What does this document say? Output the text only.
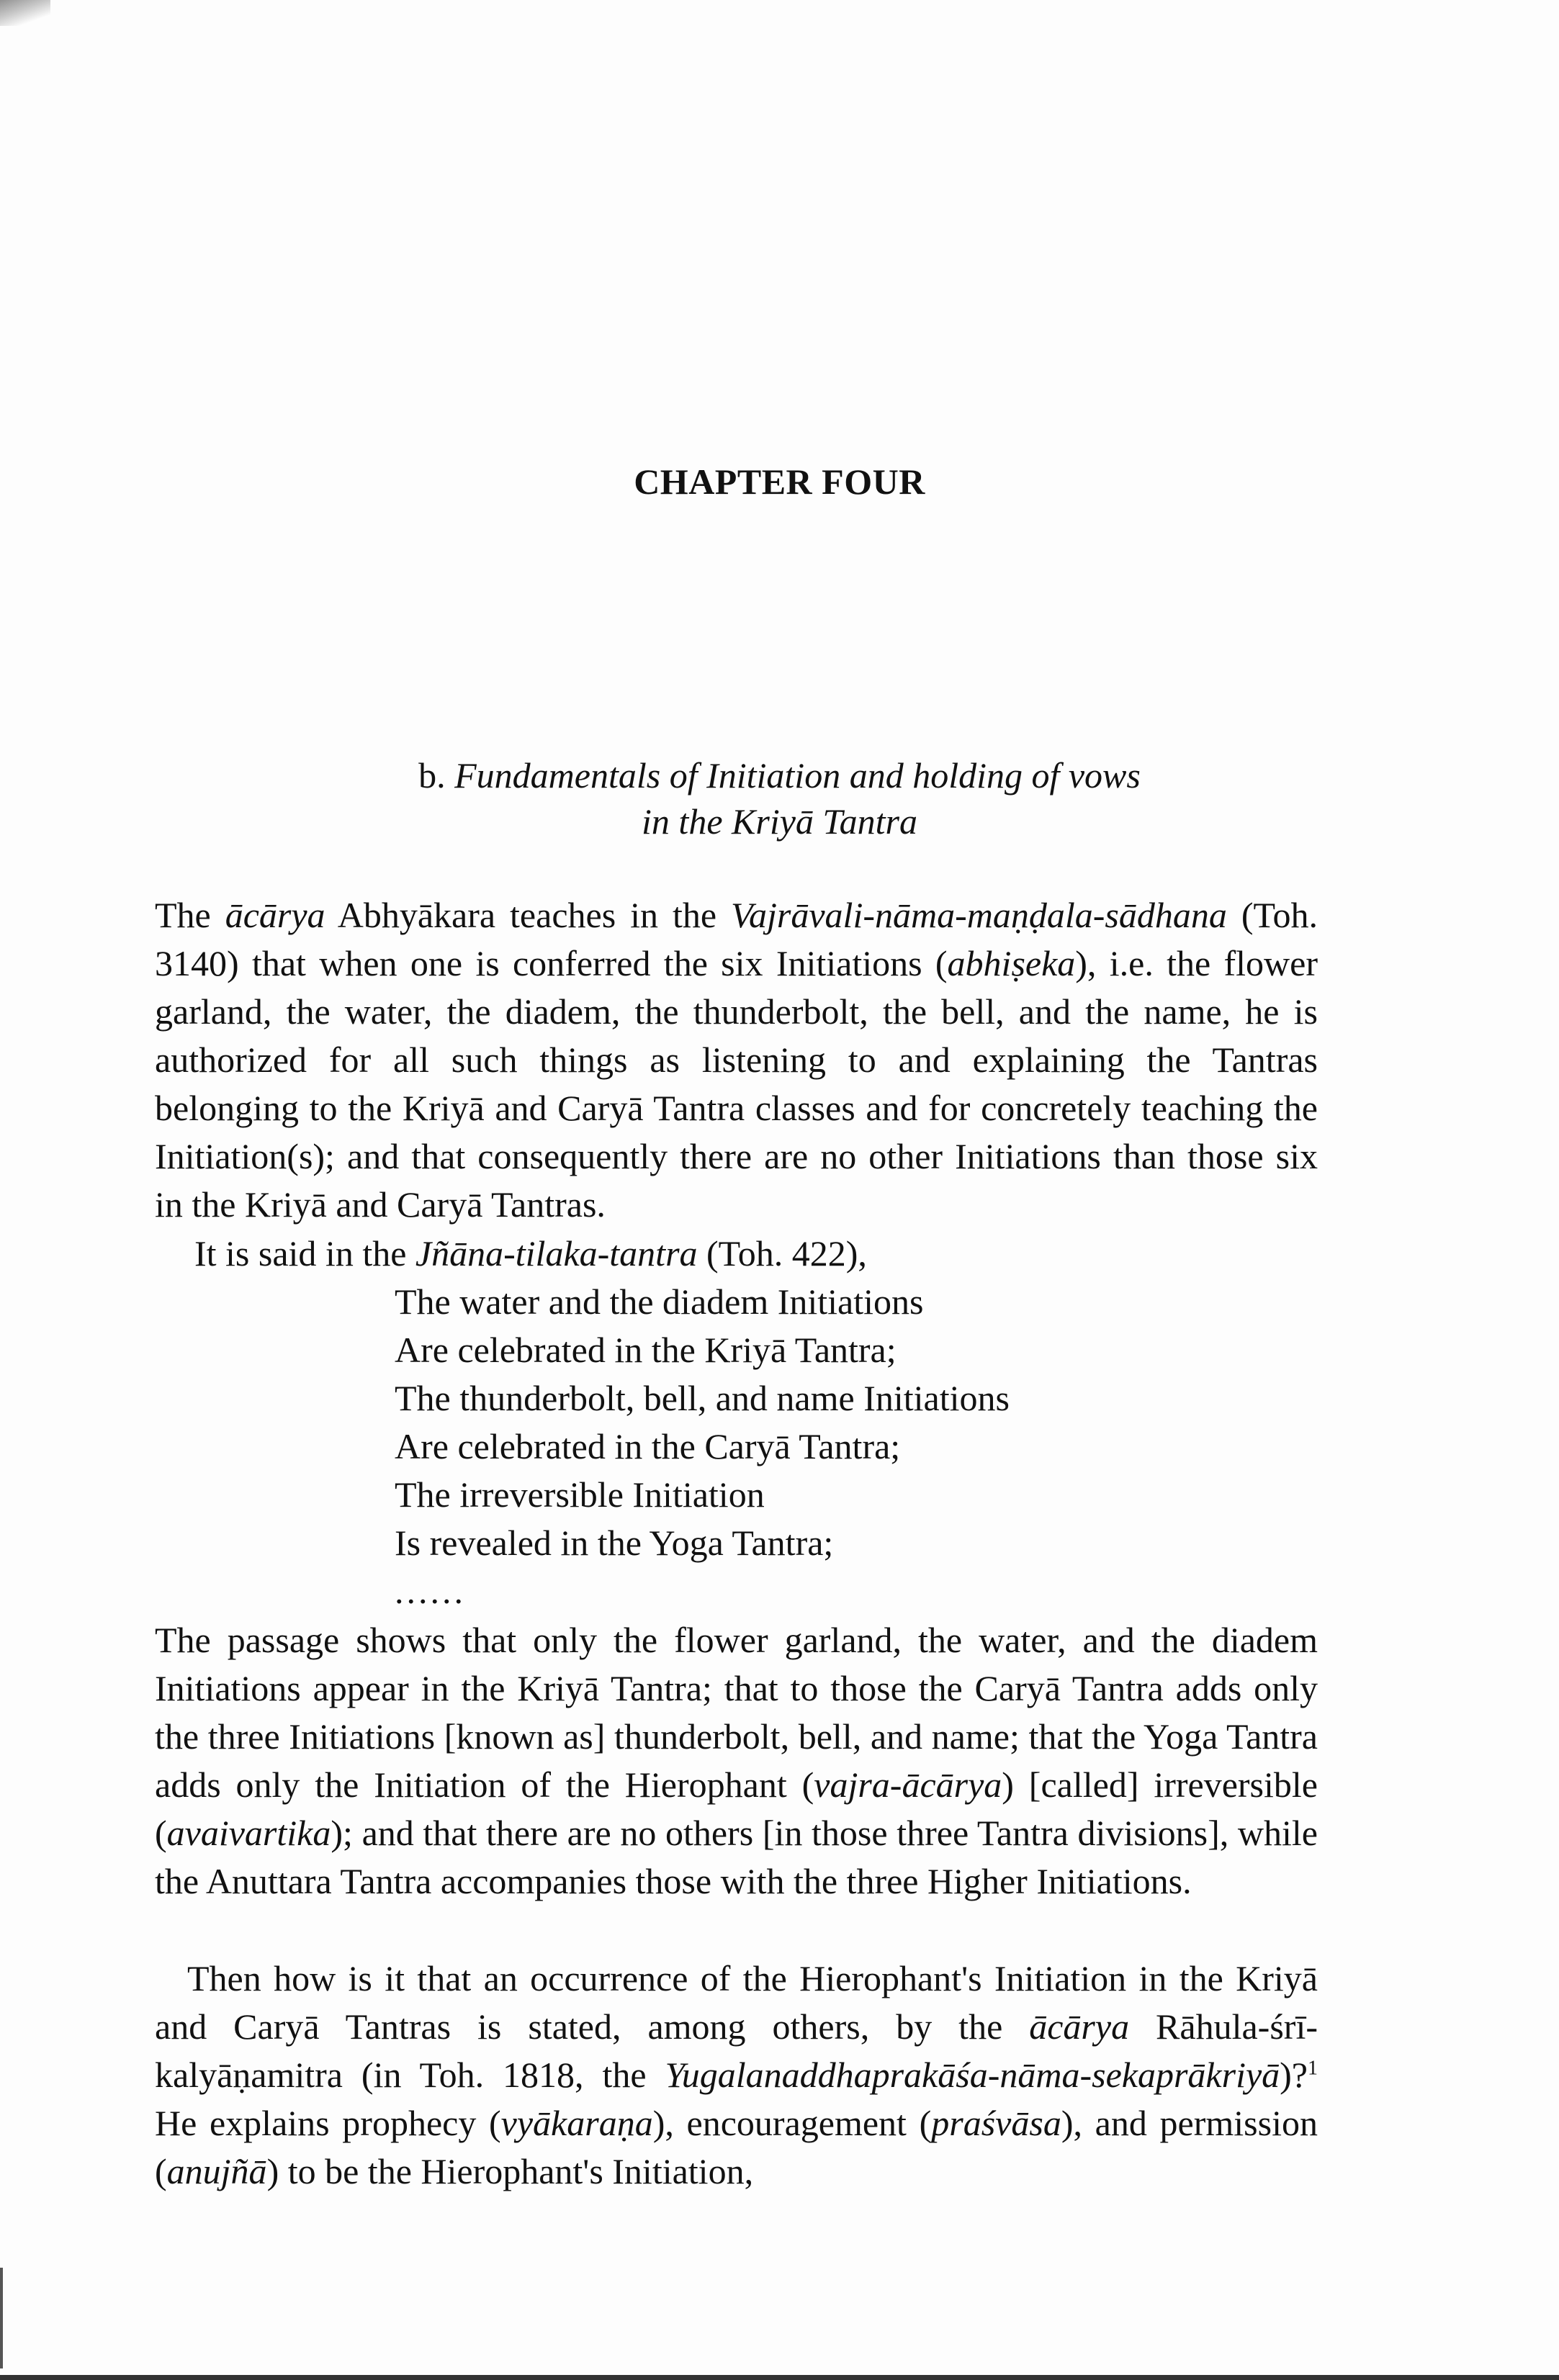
CHAPTER FOUR
b. Fundamentals of Initiation and holding of vows
in the Kriyā Tantra
The ācārya Abhyākara teaches in the Vajrāvali-nāma-maṇḍala-sādhana (Toh. 3140) that when one is conferred the six Initiations (abhiṣeka), i.e. the flower garland, the water, the diadem, the thunderbolt, the bell, and the name, he is authorized for all such things as listening to and explaining the Tantras belonging to the Kriyā and Caryā Tantra classes and for concretely teaching the Initiation(s); and that consequently there are no other Initiations than those six in the Kriyā and Caryā Tantras.
It is said in the Jñāna-tilaka-tantra (Toh. 422),
The water and the diadem Initiations
Are celebrated in the Kriyā Tantra;
The thunderbolt, bell, and name Initiations
Are celebrated in the Caryā Tantra;
The irreversible Initiation
Is revealed in the Yoga Tantra;
......
The passage shows that only the flower garland, the water, and the diadem Initiations appear in the Kriyā Tantra; that to those the Caryā Tantra adds only the three Initiations [known as] thunderbolt, bell, and name; that the Yoga Tantra adds only the Initiation of the Hierophant (vajra-ācārya) [called] irreversible (avaivartika); and that there are no others [in those three Tantra divisions], while the Anuttara Tantra accompanies those with the three Higher Initiations.
Then how is it that an occurrence of the Hierophant's Initiation in the Kriyā and Caryā Tantras is stated, among others, by the ācārya Rāhula-śrī-kalyāṇamitra (in Toh. 1818, the Yugalanaddhaprakāśa-nāma-sekaprākriyā)?$^1$ He explains prophecy (vyākaraṇa), encouragement (praśvāsa), and permission (anujñā) to be the Hierophant's Initiation,
